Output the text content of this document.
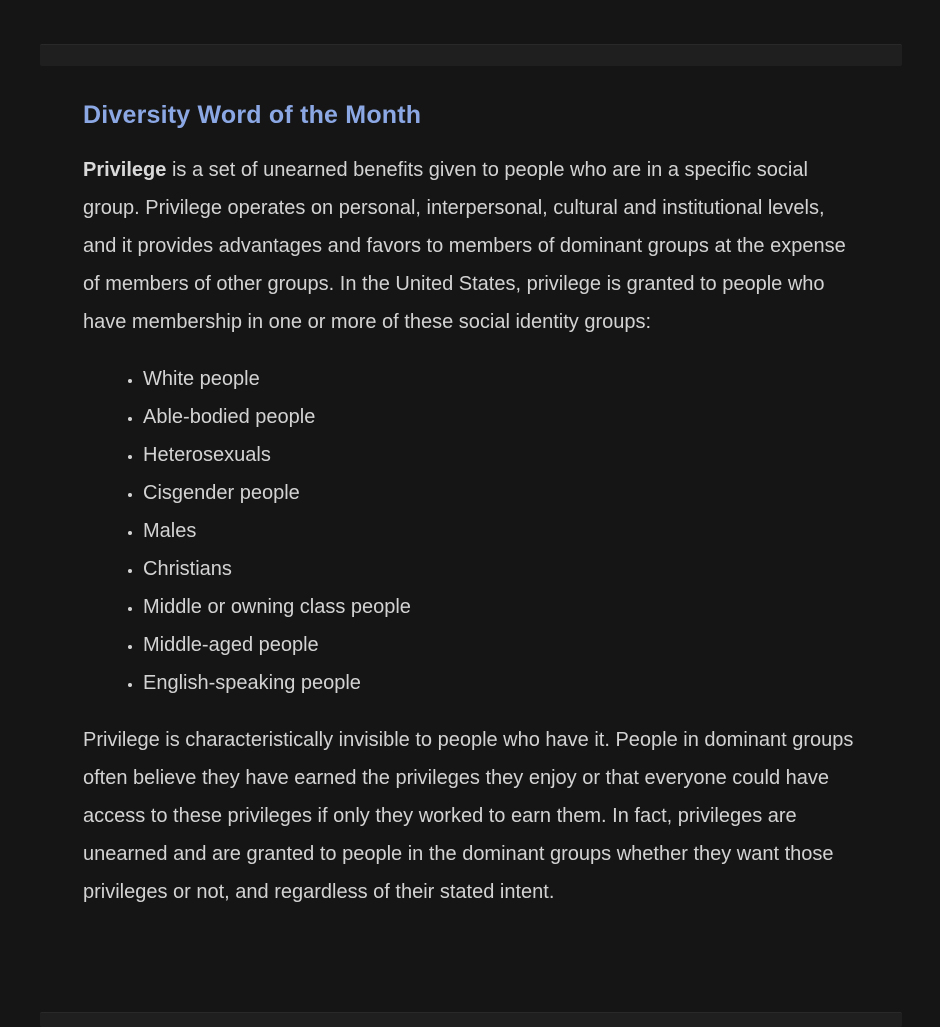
Diversity Word of the Month

Privilege is a set of unearned benefits given to people who are in a specific social group. Privilege operates on personal, interpersonal, cultural and institutional levels, and it provides advantages and favors to members of dominant groups at the expense of members of other groups. In the United States, privilege is granted to people who have membership in one or more of these social identity groups:

• White people
• Able-bodied people
• Heterosexuals
• Cisgender people
• Males
• Christians
• Middle or owning class people
• Middle-aged people
• English-speaking people

Privilege is characteristically invisible to people who have it. People in dominant groups often believe they have earned the privileges they enjoy or that everyone could have access to these privileges if only they worked to earn them. In fact, privileges are unearned and are granted to people in the dominant groups whether they want those privileges or not, and regardless of their stated intent.
